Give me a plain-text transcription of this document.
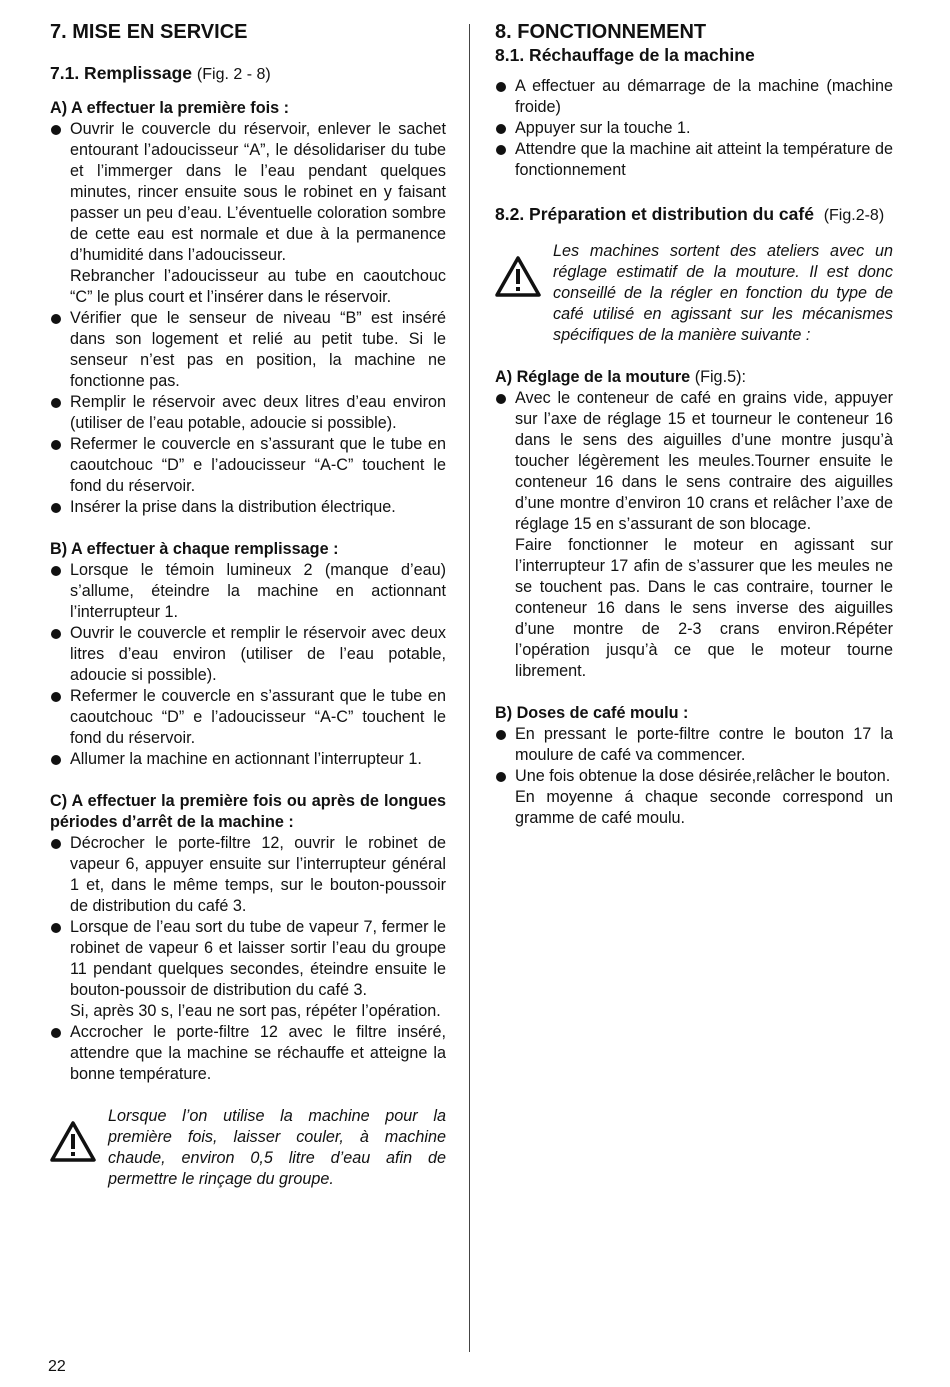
7. MISE EN SERVICE
7.1. Remplissage (Fig. 2 - 8)

A) A effectuer la première fois :

Ouvrir le couvercle du réservoir, enlever le sachet entourant l’adoucisseur “A”, le désolidariser du tube et l’immerger dans le l’eau pendant quelques minutes, rincer ensuite sous le robinet en y faisant passer un peu d’eau. L’éventuelle coloration sombre de cette eau est normale et due à la permanence d’humidité dans l’adoucisseur.
Rebrancher l’adoucisseur au tube en caoutchouc “C” le plus court et l’insérer dans le réservoir.
Vérifier que le senseur de niveau “B” est inséré dans son logement et relié au petit tube. Si le senseur n’est pas en position, la machine ne fonctionne pas.
Remplir le réservoir avec deux litres d’eau environ (utiliser de l’eau potable, adoucie si possible).
Refermer le couvercle en s’assurant que le tube en caoutchouc “D” e l’adoucisseur “A-C” touchent le fond du réservoir.
Insérer la prise dans la distribution électrique.

B) A effectuer à chaque remplissage :

Lorsque le témoin lumineux 2 (manque d’eau) s’allume, éteindre la machine en actionnant l’interrupteur 1.
Ouvrir le couvercle et remplir le réservoir avec deux litres d’eau environ (utiliser de l’eau potable, adoucie si possible).
Refermer le couvercle en s’assurant que le tube en caoutchouc “D” e l’adoucisseur “A-C” touchent le fond du réservoir.
Allumer la machine en actionnant l’interrupteur 1.

C) A effectuer la première fois ou après de longues périodes d’arrêt de la machine :

Décrocher le porte-filtre 12, ouvrir le robinet de vapeur 6, appuyer ensuite sur l’interrupteur général 1 et, dans le même temps, sur le bouton-poussoir de distribution du café 3.
Lorsque de l’eau sort du tube de vapeur 7, fermer le robinet de vapeur 6 et laisser sortir l’eau du groupe 11 pendant quelques secondes, éteindre ensuite le bouton-poussoir de distribution du café 3.
Si, après 30 s, l’eau ne sort pas, répéter l’opération.
Accrocher le porte-filtre 12 avec le filtre inséré, attendre que la machine se réchauffe et atteigne la bonne température.
Lorsque l’on utilise la machine pour la première fois, laisser couler, à machine chaude, environ 0,5 litre d’eau afin de permettre le rinçage du groupe.
8. FONCTIONNEMENT
8.1. Réchauffage de la machine
A effectuer au démarrage de la machine (machine froide)
Appuyer sur la touche 1.
Attendre que la machine ait atteint la température de fonctionnement
8.2. Préparation et distribution du café (Fig.2-8)
Les machines sortent des ateliers avec un réglage estimatif de la mouture. Il est donc conseillé de la régler en fonction du type de café utilisé en agissant sur les mécanismes spécifiques de la manière suivante :

A) Réglage de la mouture (Fig.5):

Avec le conteneur de café en grains vide, appuyer sur l’axe de réglage 15 et tourneur le conteneur 16 dans le sens des aiguilles d’une montre jusqu’à toucher légèrement les meules.Tourner ensuite le conteneur 16 dans le sens contraire des aiguilles d’une montre d’environ 10 crans et relâcher l’axe de réglage 15 en s’assurant de son blocage.
Faire fonctionner le moteur en agissant sur l’interrupteur 17 afin de s’assurer que les meules ne se touchent pas. Dans le cas contraire, tourner le conteneur 16 dans le sens inverse des aiguilles d’une montre de 2-3 crans environ.Répéter l’opération jusqu’à ce que le moteur tourne librement.

B) Doses de café moulu :

En pressant le porte-filtre contre le bouton 17 la moulure de café va commencer.
Une fois obtenue la dose désirée,relâcher le bouton.
En moyenne á chaque seconde correspond un gramme de café moulu.
22
